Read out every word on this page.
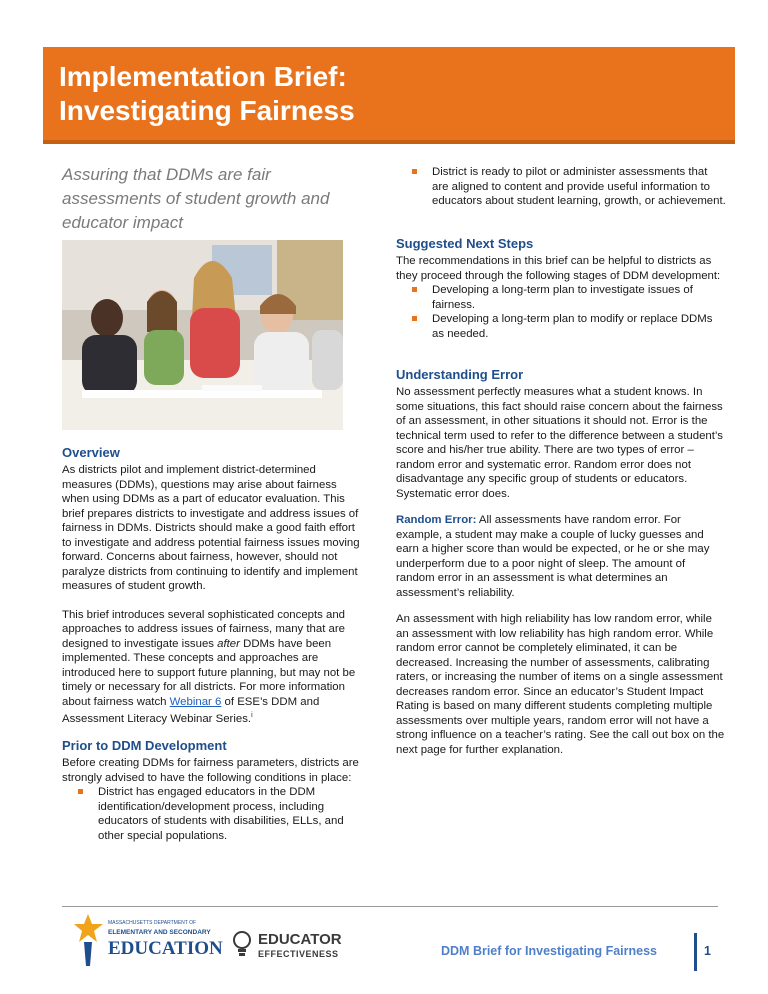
Implementation Brief:
Investigating Fairness
Assuring that DDMs are fair assessments of student growth and educator impact
Overview

As districts pilot and implement district-determined measures (DDMs), questions may arise about fairness when using DDMs as a part of educator evaluation. This brief prepares districts to investigate and address issues of fairness in DDMs. Districts should make a good faith effort to investigate and address potential fairness issues moving forward. Concerns about fairness, however, should not paralyze districts from continuing to identify and implement measures of student growth.

This brief introduces several sophisticated concepts and approaches to address issues of fairness, many that are designed to investigate issues after DDMs have been implemented. These concepts and approaches are introduced here to support future planning, but may not be timely or necessary for all districts. For more information about fairness watch Webinar 6 of ESE’s DDM and Assessment Literacy Webinar Series.$^i$

Prior to DDM Development

Before creating DDMs for fairness parameters, districts are strongly advised to have the following conditions in place:

District has engaged educators in the DDM identification/development process, including educators of students with disabilities, ELLs, and other special populations.
District is ready to pilot or administer assessments that are aligned to content and provide useful information to educators about student learning, growth, or achievement.
Suggested Next Steps

The recommendations in this brief can be helpful to districts as they proceed through the following stages of DDM development:

Developing a long-term plan to investigate issues of fairness.
Developing a long-term plan to modify or replace DDMs as needed.
Understanding Error

No assessment perfectly measures what a student knows. In some situations, this fact should raise concern about the fairness of an assessment, in other situations it should not. Error is the technical term used to refer to the difference between a student’s score and his/her true ability. There are two types of error – random error and systematic error. Random error does not disadvantage any specific group of students or educators. Systematic error does.

Random Error: All assessments have random error. For example, a student may make a couple of lucky guesses and earn a higher score than would be expected, or he or she may underperform due to a poor night of sleep. The amount of random error in an assessment is what determines an assessment’s reliability.

An assessment with high reliability has low random error, while an assessment with low reliability has high random error. While random error cannot be completely eliminated, it can be decreased. Increasing the number of assessments, calibrating raters, or increasing the number of items on a single assessment decreases random error. Since an educator’s Student Impact Rating is based on many different students completing multiple assessments over multiple years, random error will not have a strong influence on a teacher’s rating. See the call out box on the next page for further explanation.

MASSACHUSETTS DEPARTMENT OF
ELEMENTARY AND SECONDARY
EDUCATION EDUCATOR
EFFECTIVENESS	DDM Brief for Investigating Fairness	1
